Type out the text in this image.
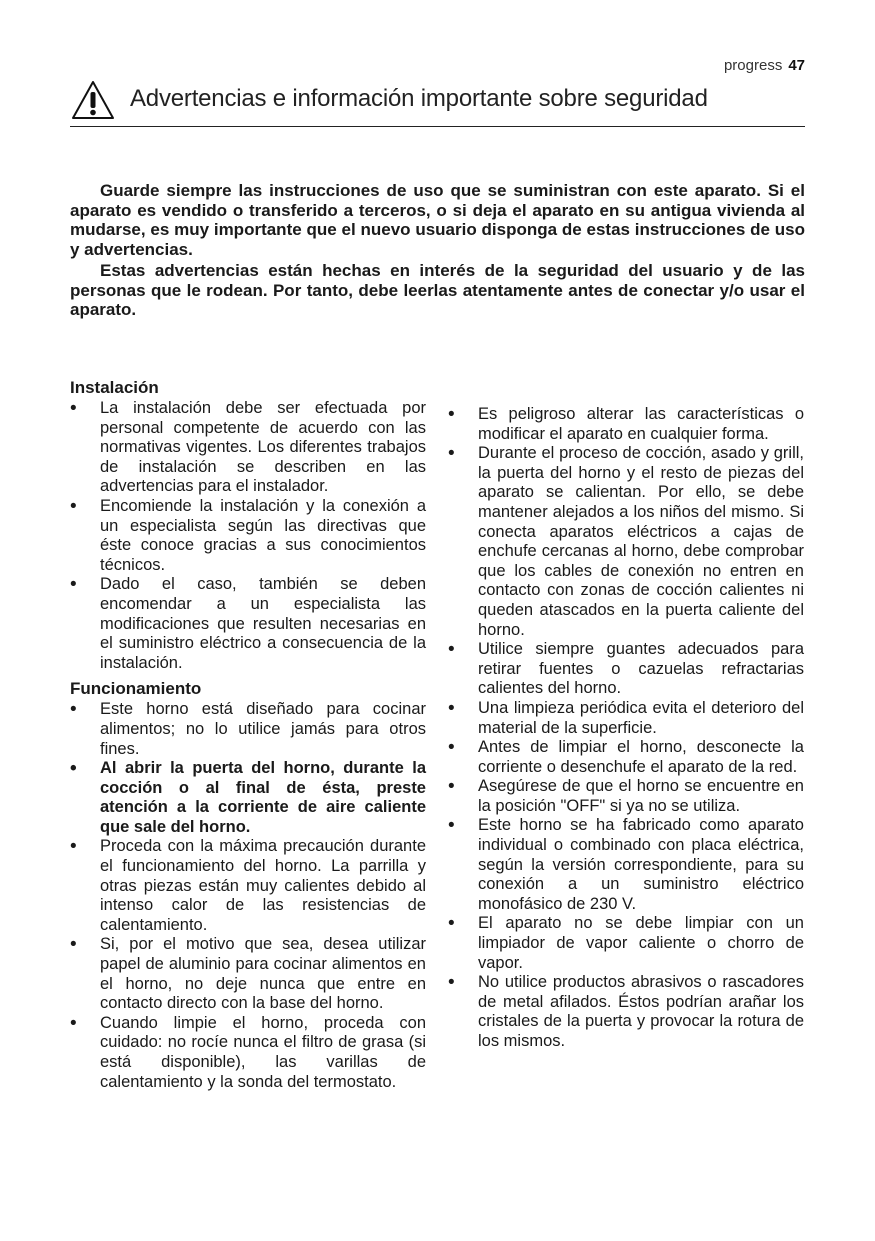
progress 47
Advertencias e información importante sobre seguridad

Guarde siempre las instrucciones de uso que se suministran con este aparato. Si el aparato es vendido o transferido a terceros, o si deja el aparato en su antigua vivienda al mudarse, es muy importante que el nuevo usuario disponga de estas instrucciones de uso y advertencias.

Estas advertencias están hechas en interés de la seguridad del usuario y de las personas que le rodean. Por tanto, debe leerlas atentamente antes de conectar y/o usar el aparato.

Instalación
• La instalación debe ser efectuada por personal competente de acuerdo con las normativas vigentes. Los diferentes trabajos de instalación se describen en las advertencias para el instalador.
• Encomiende la instalación y la conexión a un especialista según las directivas que éste conoce gracias a sus conocimientos técnicos.
• Dado el caso, también se deben encomendar a un especialista las modificaciones que resulten necesarias en el suministro eléctrico a consecuencia de la instalación.
Funcionamiento
• Este horno está diseñado para cocinar alimentos; no lo utilice jamás para otros fines.
• Al abrir la puerta del horno, durante la cocción o al final de ésta, preste atención a la corriente de aire caliente que sale del horno.
• Proceda con la máxima precaución durante el funcionamiento del horno. La parrilla y otras piezas están muy calientes debido al intenso calor de las resistencias de calentamiento.
• Si, por el motivo que sea, desea utilizar papel de aluminio para cocinar alimentos en el horno, no deje nunca que entre en contacto directo con la base del horno.
• Cuando limpie el horno, proceda con cuidado: no rocíe nunca el filtro de grasa (si está disponible), las varillas de calentamiento y la sonda del termostato.
• Es peligroso alterar las características o modificar el aparato en cualquier forma.
• Durante el proceso de cocción, asado y grill, la puerta del horno y el resto de piezas del aparato se calientan. Por ello, se debe mantener alejados a los niños del mismo. Si conecta aparatos eléctricos a cajas de enchufe cercanas al horno, debe comprobar que los cables de conexión no entren en contacto con zonas de cocción calientes ni queden atascados en la puerta caliente del horno.
• Utilice siempre guantes adecuados para retirar fuentes o cazuelas refractarias calientes del horno.
• Una limpieza periódica evita el deterioro del material de la superficie.
• Antes de limpiar el horno, desconecte la corriente o desenchufe el aparato de la red.
• Asegúrese de que el horno se encuentre en la posición "OFF" si ya no se utiliza.
• Este horno se ha fabricado como aparato individual o combinado con placa eléctrica, según la versión correspondiente, para su conexión a un suministro eléctrico monofásico de 230 V.
• El aparato no se debe limpiar con un limpiador de vapor caliente o chorro de vapor.
• No utilice productos abrasivos o rascadores de metal afilados. Éstos podrían arañar los cristales de la puerta y provocar la rotura de los mismos.
